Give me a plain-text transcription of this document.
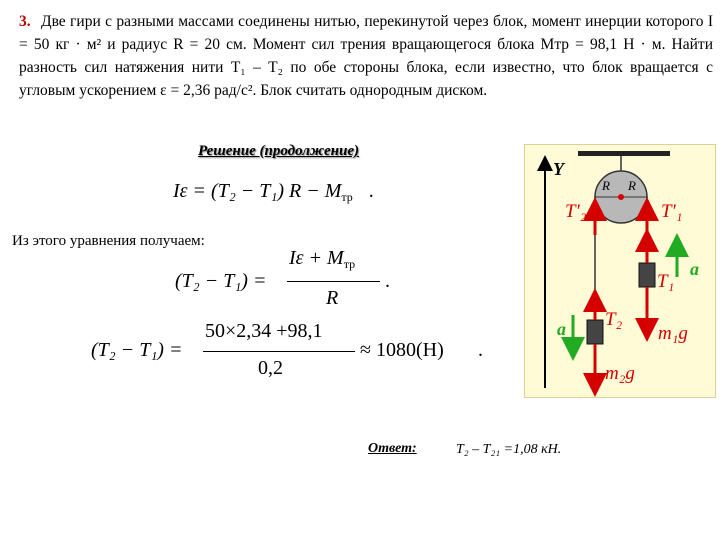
3. Две гири с разными массами соединены нитью, перекинутой через блок, момент инерции которого I = 50 кг · м² и радиус R = 20 см. Момент сил трения вращающегося блока Mтр = 98,1 Н · м. Найти разность сил натяжения нити T₁ – T₂ по обе стороны блока, если известно, что блок вращается с угловым ускорением ε = 2,36 рад/с². Блок считать однородным диском.
Решение (продолжение)
Iε = (T₂ − T₁) $R - M_{тр}$ .
Из этого уравнения получаем:
(T₂ − T₁) =
$I\varepsilon + M_{тр}$
R
.
(T₂ − T₁) =
50×2,34 +98,1
0,2
≈ 1080(Н) .
Ответ:	T₂ – T₂₁ =1,08 кН.
Y
R R
T′₂	T′₁
T₁
T₂
m₁g
m₂g
a
a
